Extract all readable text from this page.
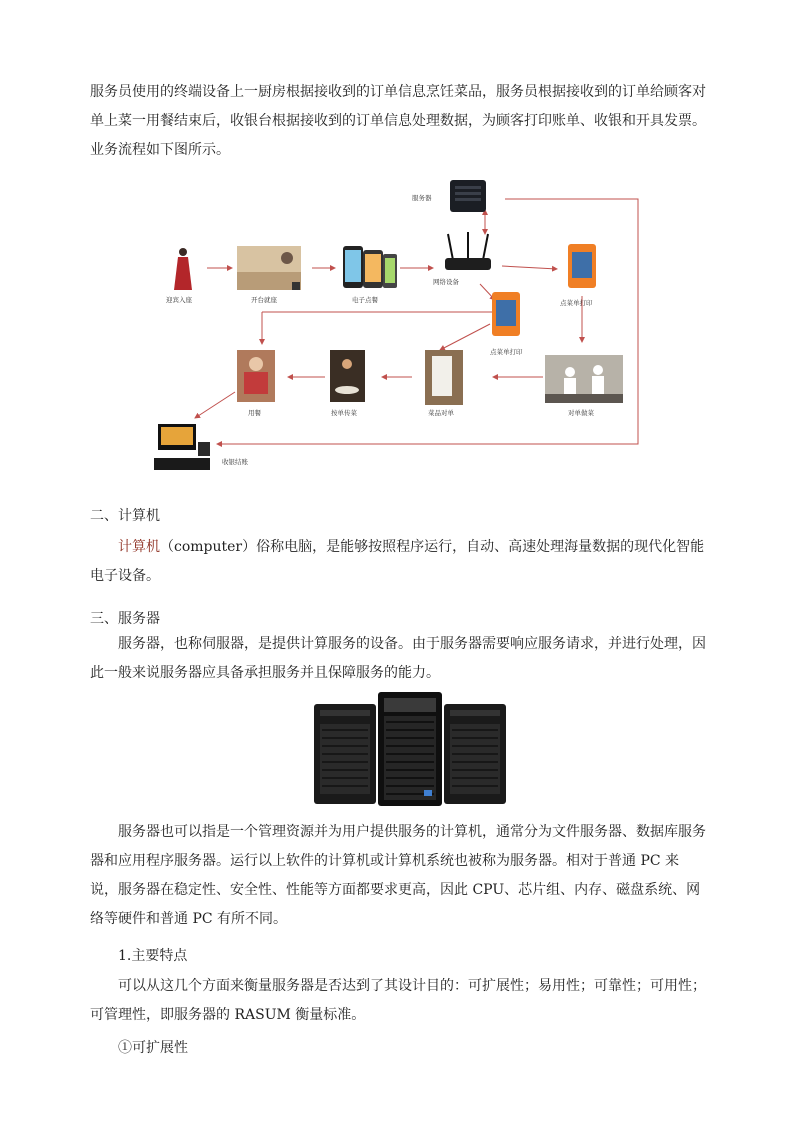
服务员使用的终端设备上一厨房根据接收到的订单信息烹饪菜品，服务员根据接收到的订单给顾客对
单上菜一用餐结束后，收银台根据接收到的订单信息处理数据，为顾客打印账单、收银和开具发票。
业务流程如下图所示。
服务器
迎宾入座	开台就座	电子点餐
网络设备
点菜单打印
点菜单打印
对单做菜
菜品对单
按单传菜
用餐
收银结账
二、计算机
计算机（computer）俗称电脑，是能够按照程序运行，自动、高速处理海量数据的现代化智能电子设备。
三、服务器
服务器，也称伺服器，是提供计算服务的设备。由于服务器需要响应服务请求，并进行处理，因此一般来说服务器应具备承担服务并且保障服务的能力。
服务器也可以指是一个管理资源并为用户提供服务的计算机，通常分为文件服务器、数据库服务器和应用程序服务器。运行以上软件的计算机或计算机系统也被称为服务器。相对于普通 PC 来说，服务器在稳定性、安全性、性能等方面都要求更高，因此 CPU、芯片组、内存、磁盘系统、网络等硬件和普通 PC 有所不同。
1.主要特点
可以从这几个方面来衡量服务器是否达到了其设计目的：可扩展性；易用性；可靠性；可用性；可管理性，即服务器的 RASUM 衡量标准。
①可扩展性
